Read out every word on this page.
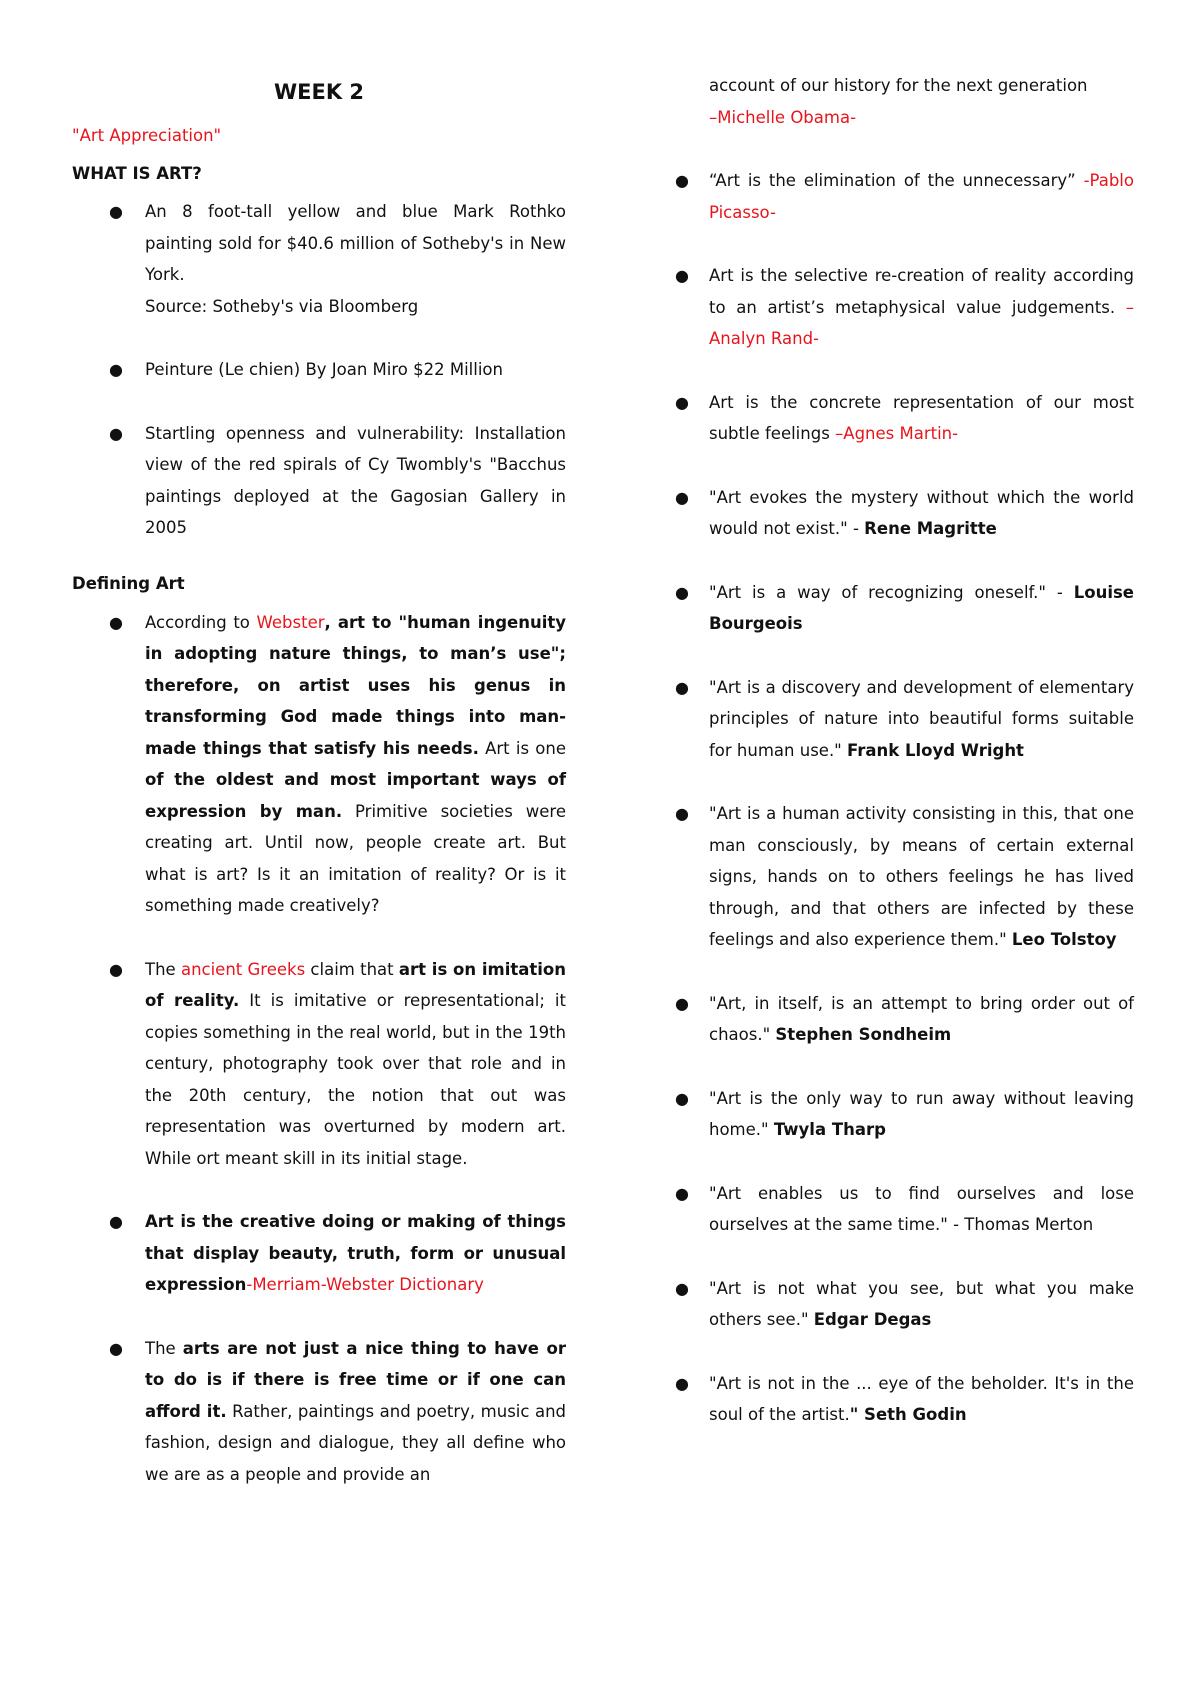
WEEK 2
"Art Appreciation"
WHAT IS ART?
● An 8 foot-tall yellow and blue Mark Rothko painting sold for $40.6 million of Sotheby's in New York.
Source: Sotheby's via Bloomberg
● Peinture (Le chien) By Joan Miro $22 Million
● Startling openness and vulnerability: Installation view of the red spirals of Cy Twombly's "Bacchus paintings deployed at the Gagosian Gallery in 2005
Defining Art
● According to Webster, art to "human ingenuity in adopting nature things, to man’s use"; therefore, on artist uses his genus in transforming God made things into man-made things that satisfy his needs. Art is one of the oldest and most important ways of expression by man. Primitive societies were creating art. Until now, people create art. But what is art? Is it an imitation of reality? Or is it something made creatively?
● The ancient Greeks claim that art is on imitation of reality. It is imitative or representational; it copies something in the real world, but in the 19th century, photography took over that role and in the 20th century, the notion that out was representation was overturned by modern art. While ort meant skill in its initial stage.
● Art is the creative doing or making of things that display beauty, truth, form or unusual expression-Merriam-Webster Dictionary
● The arts are not just a nice thing to have or to do is if there is free time or if one can afford it. Rather, paintings and poetry, music and fashion, design and dialogue, they all define who we are as a people and provide an
account of our history for the next generation
–Michelle Obama-
● “Art is the elimination of the unnecessary” -Pablo Picasso-
● Art is the selective re-creation of reality according to an artist’s metaphysical value judgements. –Analyn Rand-
● Art is the concrete representation of our most subtle feelings –Agnes Martin-
● "Art evokes the mystery without which the world would not exist." - Rene Magritte
● "Art is a way of recognizing oneself." - Louise Bourgeois
● "Art is a discovery and development of elementary principles of nature into beautiful forms suitable for human use." Frank Lloyd Wright
● "Art is a human activity consisting in this, that one man consciously, by means of certain external signs, hands on to others feelings he has lived through, and that others are infected by these feelings and also experience them." Leo Tolstoy
● "Art, in itself, is an attempt to bring order out of chaos." Stephen Sondheim
● "Art is the only way to run away without leaving home." Twyla Tharp
● "Art enables us to find ourselves and lose ourselves at the same time." - Thomas Merton
● "Art is not what you see, but what you make others see." Edgar Degas
● "Art is not in the ... eye of the beholder. It's in the soul of the artist." Seth Godin
